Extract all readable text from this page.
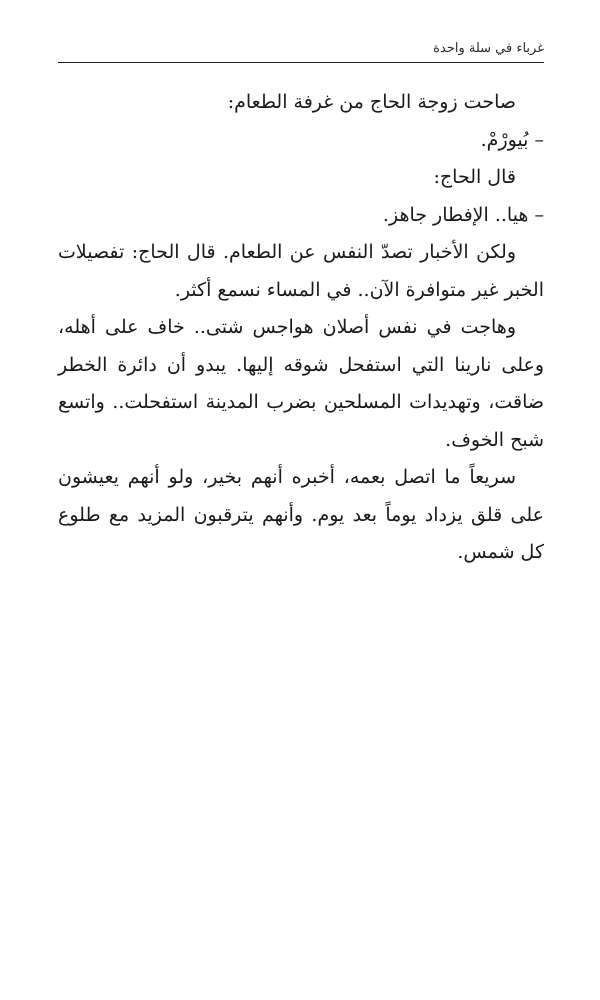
غرباء في سلة واحدة

صاحت زوجة الحاج من غرفة الطعام:

– بُيورْمْ.

قال الحاج:

– هيا.. الإفطار جاهز.

ولكن الأخبار تصدّ النفس عن الطعام. قال الحاج: تفصيلات الخبر غير متوافرة الآن.. في المساء نسمع أكثر.

وهاجت في نفس أصلان هواجس شتى.. خاف على أهله، وعلى نارينا التي استفحل شوقه إليها. يبدو أن دائرة الخطر ضاقت، وتهديدات المسلحين بضرب المدينة استفحلت.. واتسع شبح الخوف.

سريعاً ما اتصل بعمه، أخبره أنهم بخير، ولو أنهم يعيشون على قلق يزداد يوماً بعد يوم. وأنهم يترقبون المزيد مع طلوع كل شمس.
